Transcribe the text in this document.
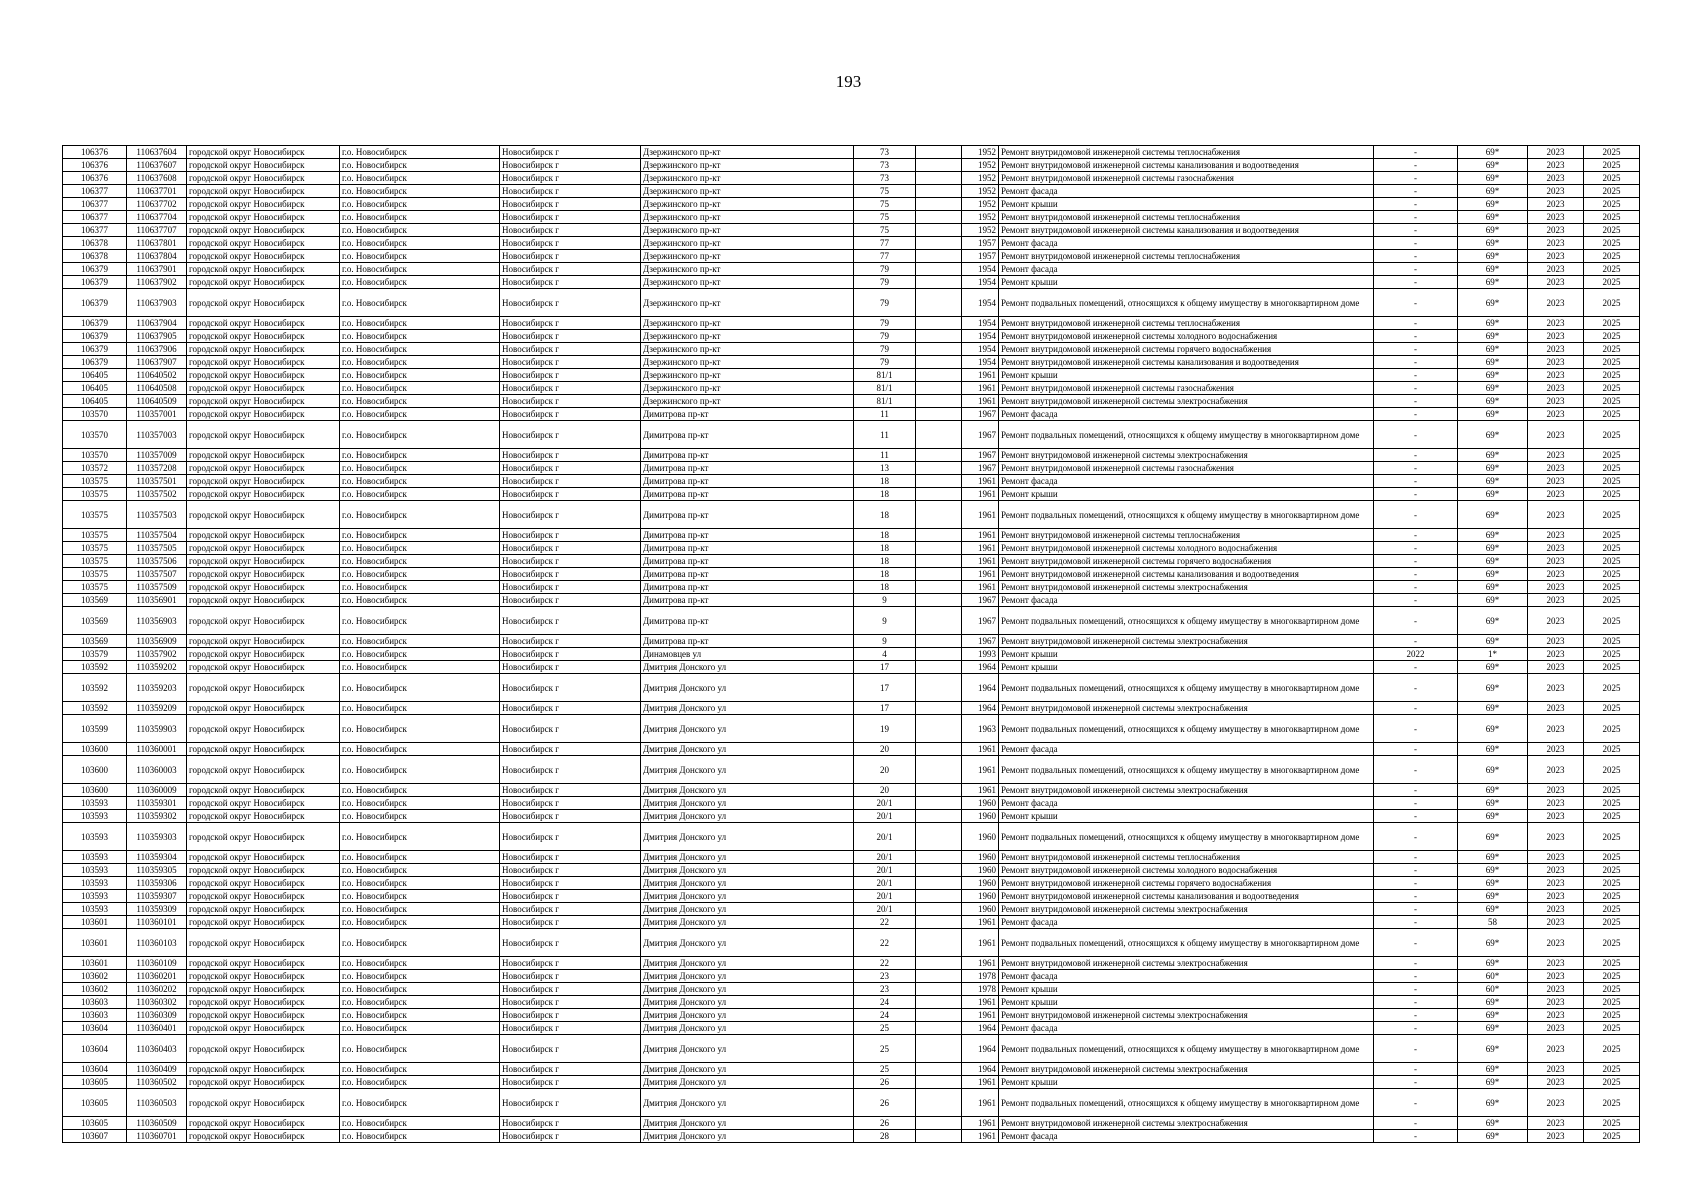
193
106376	110637604	городской округ Новосибирск	г.о. Новосибирск	Новосибирск г	Дзержинского пр-кт	73		1952	Ремонт внутридомовой инженерной системы теплоснабжения	-	69*	2023	2025
106376	110637607	городской округ Новосибирск	г.о. Новосибирск	Новосибирск г	Дзержинского пр-кт	73		1952	Ремонт внутридомовой инженерной системы канализования и водоотведения	-	69*	2023	2025
106376	110637608	городской округ Новосибирск	г.о. Новосибирск	Новосибирск г	Дзержинского пр-кт	73		1952	Ремонт внутридомовой инженерной системы газоснабжения	-	69*	2023	2025
106377	110637701	городской округ Новосибирск	г.о. Новосибирск	Новосибирск г	Дзержинского пр-кт	75		1952	Ремонт фасада	-	69*	2023	2025
106377	110637702	городской округ Новосибирск	г.о. Новосибирск	Новосибирск г	Дзержинского пр-кт	75		1952	Ремонт крыши	-	69*	2023	2025
106377	110637704	городской округ Новосибирск	г.о. Новосибирск	Новосибирск г	Дзержинского пр-кт	75		1952	Ремонт внутридомовой инженерной системы теплоснабжения	-	69*	2023	2025
106377	110637707	городской округ Новосибирск	г.о. Новосибирск	Новосибирск г	Дзержинского пр-кт	75		1952	Ремонт внутридомовой инженерной системы канализования и водоотведения	-	69*	2023	2025
106378	110637801	городской округ Новосибирск	г.о. Новосибирск	Новосибирск г	Дзержинского пр-кт	77		1957	Ремонт фасада	-	69*	2023	2025
106378	110637804	городской округ Новосибирск	г.о. Новосибирск	Новосибирск г	Дзержинского пр-кт	77		1957	Ремонт внутридомовой инженерной системы теплоснабжения	-	69*	2023	2025
106379	110637901	городской округ Новосибирск	г.о. Новосибирск	Новосибирск г	Дзержинского пр-кт	79		1954	Ремонт фасада	-	69*	2023	2025
106379	110637902	городской округ Новосибирск	г.о. Новосибирск	Новосибирск г	Дзержинского пр-кт	79		1954	Ремонт крыши	-	69*	2023	2025
106379	110637903	городской округ Новосибирск	г.о. Новосибирск	Новосибирск г	Дзержинского пр-кт	79		1954	Ремонт подвальных помещений, относящихся к общему имуществу в многоквартирном доме	-	69*	2023	2025
106379	110637904	городской округ Новосибирск	г.о. Новосибирск	Новосибирск г	Дзержинского пр-кт	79		1954	Ремонт внутридомовой инженерной системы теплоснабжения	-	69*	2023	2025
106379	110637905	городской округ Новосибирск	г.о. Новосибирск	Новосибирск г	Дзержинского пр-кт	79		1954	Ремонт внутридомовой инженерной системы холодного водоснабжения	-	69*	2023	2025
106379	110637906	городской округ Новосибирск	г.о. Новосибирск	Новосибирск г	Дзержинского пр-кт	79		1954	Ремонт внутридомовой инженерной системы горячего водоснабжения	-	69*	2023	2025
106379	110637907	городской округ Новосибирск	г.о. Новосибирск	Новосибирск г	Дзержинского пр-кт	79		1954	Ремонт внутридомовой инженерной системы канализования и водоотведения	-	69*	2023	2025
106405	110640502	городской округ Новосибирск	г.о. Новосибирск	Новосибирск г	Дзержинского пр-кт	81/1		1961	Ремонт крыши	-	69*	2023	2025
106405	110640508	городской округ Новосибирск	г.о. Новосибирск	Новосибирск г	Дзержинского пр-кт	81/1		1961	Ремонт внутридомовой инженерной системы газоснабжения	-	69*	2023	2025
106405	110640509	городской округ Новосибирск	г.о. Новосибирск	Новосибирск г	Дзержинского пр-кт	81/1		1961	Ремонт внутридомовой инженерной системы электроснабжения	-	69*	2023	2025
103570	110357001	городской округ Новосибирск	г.о. Новосибирск	Новосибирск г	Димитрова пр-кт	11		1967	Ремонт фасада	-	69*	2023	2025
103570	110357003	городской округ Новосибирск	г.о. Новосибирск	Новосибирск г	Димитрова пр-кт	11		1967	Ремонт подвальных помещений, относящихся к общему имуществу в многоквартирном доме	-	69*	2023	2025
103570	110357009	городской округ Новосибирск	г.о. Новосибирск	Новосибирск г	Димитрова пр-кт	11		1967	Ремонт внутридомовой инженерной системы электроснабжения	-	69*	2023	2025
103572	110357208	городской округ Новосибирск	г.о. Новосибирск	Новосибирск г	Димитрова пр-кт	13		1967	Ремонт внутридомовой инженерной системы газоснабжения	-	69*	2023	2025
103575	110357501	городской округ Новосибирск	г.о. Новосибирск	Новосибирск г	Димитрова пр-кт	18		1961	Ремонт фасада	-	69*	2023	2025
103575	110357502	городской округ Новосибирск	г.о. Новосибирск	Новосибирск г	Димитрова пр-кт	18		1961	Ремонт крыши	-	69*	2023	2025
103575	110357503	городской округ Новосибирск	г.о. Новосибирск	Новосибирск г	Димитрова пр-кт	18		1961	Ремонт подвальных помещений, относящихся к общему имуществу в многоквартирном доме	-	69*	2023	2025
103575	110357504	городской округ Новосибирск	г.о. Новосибирск	Новосибирск г	Димитрова пр-кт	18		1961	Ремонт внутридомовой инженерной системы теплоснабжения	-	69*	2023	2025
103575	110357505	городской округ Новосибирск	г.о. Новосибирск	Новосибирск г	Димитрова пр-кт	18		1961	Ремонт внутридомовой инженерной системы холодного водоснабжения	-	69*	2023	2025
103575	110357506	городской округ Новосибирск	г.о. Новосибирск	Новосибирск г	Димитрова пр-кт	18		1961	Ремонт внутридомовой инженерной системы горячего водоснабжения	-	69*	2023	2025
103575	110357507	городской округ Новосибирск	г.о. Новосибирск	Новосибирск г	Димитрова пр-кт	18		1961	Ремонт внутридомовой инженерной системы канализования и водоотведения	-	69*	2023	2025
103575	110357509	городской округ Новосибирск	г.о. Новосибирск	Новосибирск г	Димитрова пр-кт	18		1961	Ремонт внутридомовой инженерной системы электроснабжения	-	69*	2023	2025
103569	110356901	городской округ Новосибирск	г.о. Новосибирск	Новосибирск г	Димитрова пр-кт	9		1967	Ремонт фасада	-	69*	2023	2025
103569	110356903	городской округ Новосибирск	г.о. Новосибирск	Новосибирск г	Димитрова пр-кт	9		1967	Ремонт подвальных помещений, относящихся к общему имуществу в многоквартирном доме	-	69*	2023	2025
103569	110356909	городской округ Новосибирск	г.о. Новосибирск	Новосибирск г	Димитрова пр-кт	9		1967	Ремонт внутридомовой инженерной системы электроснабжения	-	69*	2023	2025
103579	110357902	городской округ Новосибирск	г.о. Новосибирск	Новосибирск г	Динамовцев ул	4		1993	Ремонт крыши	2022	1*	2023	2025
103592	110359202	городской округ Новосибирск	г.о. Новосибирск	Новосибирск г	Дмитрия Донского ул	17		1964	Ремонт крыши	-	69*	2023	2025
103592	110359203	городской округ Новосибирск	г.о. Новосибирск	Новосибирск г	Дмитрия Донского ул	17		1964	Ремонт подвальных помещений, относящихся к общему имуществу в многоквартирном доме	-	69*	2023	2025
103592	110359209	городской округ Новосибирск	г.о. Новосибирск	Новосибирск г	Дмитрия Донского ул	17		1964	Ремонт внутридомовой инженерной системы электроснабжения	-	69*	2023	2025
103599	110359903	городской округ Новосибирск	г.о. Новосибирск	Новосибирск г	Дмитрия Донского ул	19		1963	Ремонт подвальных помещений, относящихся к общему имуществу в многоквартирном доме	-	69*	2023	2025
103600	110360001	городской округ Новосибирск	г.о. Новосибирск	Новосибирск г	Дмитрия Донского ул	20		1961	Ремонт фасада	-	69*	2023	2025
103600	110360003	городской округ Новосибирск	г.о. Новосибирск	Новосибирск г	Дмитрия Донского ул	20		1961	Ремонт подвальных помещений, относящихся к общему имуществу в многоквартирном доме	-	69*	2023	2025
103600	110360009	городской округ Новосибирск	г.о. Новосибирск	Новосибирск г	Дмитрия Донского ул	20		1961	Ремонт внутридомовой инженерной системы электроснабжения	-	69*	2023	2025
103593	110359301	городской округ Новосибирск	г.о. Новосибирск	Новосибирск г	Дмитрия Донского ул	20/1		1960	Ремонт фасада	-	69*	2023	2025
103593	110359302	городской округ Новосибирск	г.о. Новосибирск	Новосибирск г	Дмитрия Донского ул	20/1		1960	Ремонт крыши	-	69*	2023	2025
103593	110359303	городской округ Новосибирск	г.о. Новосибирск	Новосибирск г	Дмитрия Донского ул	20/1		1960	Ремонт подвальных помещений, относящихся к общему имуществу в многоквартирном доме	-	69*	2023	2025
103593	110359304	городской округ Новосибирск	г.о. Новосибирск	Новосибирск г	Дмитрия Донского ул	20/1		1960	Ремонт внутридомовой инженерной системы теплоснабжения	-	69*	2023	2025
103593	110359305	городской округ Новосибирск	г.о. Новосибирск	Новосибирск г	Дмитрия Донского ул	20/1		1960	Ремонт внутридомовой инженерной системы холодного водоснабжения	-	69*	2023	2025
103593	110359306	городской округ Новосибирск	г.о. Новосибирск	Новосибирск г	Дмитрия Донского ул	20/1		1960	Ремонт внутридомовой инженерной системы горячего водоснабжения	-	69*	2023	2025
103593	110359307	городской округ Новосибирск	г.о. Новосибирск	Новосибирск г	Дмитрия Донского ул	20/1		1960	Ремонт внутридомовой инженерной системы канализования и водоотведения	-	69*	2023	2025
103593	110359309	городской округ Новосибирск	г.о. Новосибирск	Новосибирск г	Дмитрия Донского ул	20/1		1960	Ремонт внутридомовой инженерной системы электроснабжения	-	69*	2023	2025
103601	110360101	городской округ Новосибирск	г.о. Новосибирск	Новосибирск г	Дмитрия Донского ул	22		1961	Ремонт фасада	-	58	2023	2025
103601	110360103	городской округ Новосибирск	г.о. Новосибирск	Новосибирск г	Дмитрия Донского ул	22		1961	Ремонт подвальных помещений, относящихся к общему имуществу в многоквартирном доме	-	69*	2023	2025
103601	110360109	городской округ Новосибирск	г.о. Новосибирск	Новосибирск г	Дмитрия Донского ул	22		1961	Ремонт внутридомовой инженерной системы электроснабжения	-	69*	2023	2025
103602	110360201	городской округ Новосибирск	г.о. Новосибирск	Новосибирск г	Дмитрия Донского ул	23		1978	Ремонт фасада	-	60*	2023	2025
103602	110360202	городской округ Новосибирск	г.о. Новосибирск	Новосибирск г	Дмитрия Донского ул	23		1978	Ремонт крыши	-	60*	2023	2025
103603	110360302	городской округ Новосибирск	г.о. Новосибирск	Новосибирск г	Дмитрия Донского ул	24		1961	Ремонт крыши	-	69*	2023	2025
103603	110360309	городской округ Новосибирск	г.о. Новосибирск	Новосибирск г	Дмитрия Донского ул	24		1961	Ремонт внутридомовой инженерной системы электроснабжения	-	69*	2023	2025
103604	110360401	городской округ Новосибирск	г.о. Новосибирск	Новосибирск г	Дмитрия Донского ул	25		1964	Ремонт фасада	-	69*	2023	2025
103604	110360403	городской округ Новосибирск	г.о. Новосибирск	Новосибирск г	Дмитрия Донского ул	25		1964	Ремонт подвальных помещений, относящихся к общему имуществу в многоквартирном доме	-	69*	2023	2025
103604	110360409	городской округ Новосибирск	г.о. Новосибирск	Новосибирск г	Дмитрия Донского ул	25		1964	Ремонт внутридомовой инженерной системы электроснабжения	-	69*	2023	2025
103605	110360502	городской округ Новосибирск	г.о. Новосибирск	Новосибирск г	Дмитрия Донского ул	26		1961	Ремонт крыши	-	69*	2023	2025
103605	110360503	городской округ Новосибирск	г.о. Новосибирск	Новосибирск г	Дмитрия Донского ул	26		1961	Ремонт подвальных помещений, относящихся к общему имуществу в многоквартирном доме	-	69*	2023	2025
103605	110360509	городской округ Новосибирск	г.о. Новосибирск	Новосибирск г	Дмитрия Донского ул	26		1961	Ремонт внутридомовой инженерной системы электроснабжения	-	69*	2023	2025
103607	110360701	городской округ Новосибирск	г.о. Новосибирск	Новосибирск г	Дмитрия Донского ул	28		1961	Ремонт фасада	-	69*	2023	2025
